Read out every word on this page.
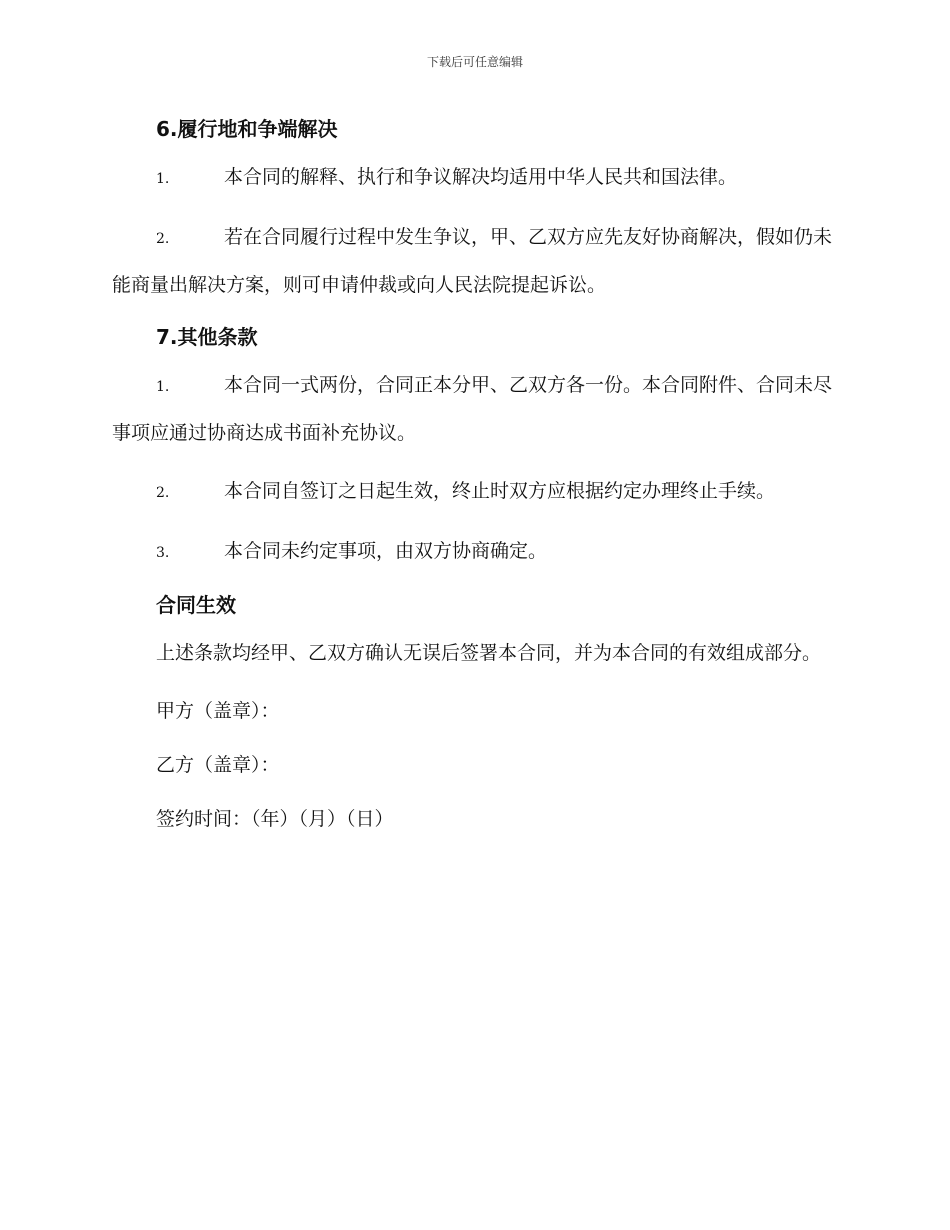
下载后可任意编辑
6.履行地和争端解决

1.	本合同的解释、执行和争议解决均适用中华人民共和国法律。

2.	若在合同履行过程中发生争议，甲、乙双方应先友好协商解决，假如仍未能商量出解决方案，则可申请仲裁或向人民法院提起诉讼。

7.其他条款

1.	本合同一式两份，合同正本分甲、乙双方各一份。本合同附件、合同未尽事项应通过协商达成书面补充协议。

2.	本合同自签订之日起生效，终止时双方应根据约定办理终止手续。

3.	本合同未约定事项，由双方协商确定。

合同生效

上述条款均经甲、乙双方确认无误后签署本合同，并为本合同的有效组成部分。

甲方（盖章）：

乙方（盖章）：

签约时间：（年）（月）（日）
